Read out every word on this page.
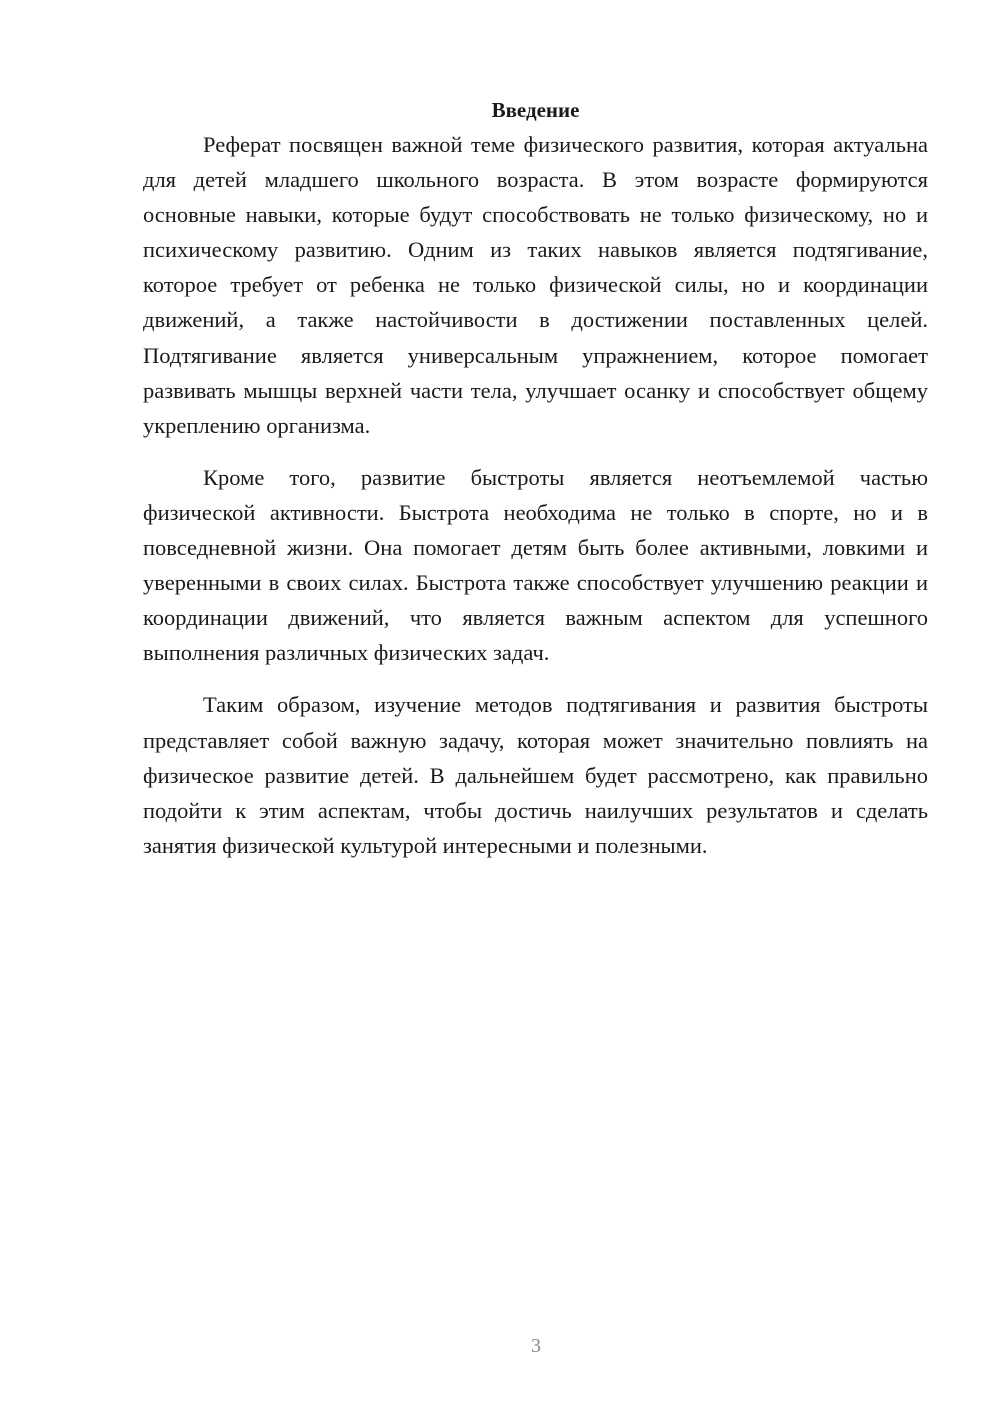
Введение

Реферат посвящен важной теме физического развития, которая актуальна для детей младшего школьного возраста. В этом возрасте формируются основные навыки, которые будут способствовать не только физическому, но и психическому развитию. Одним из таких навыков является подтягивание, которое требует от ребенка не только физической силы, но и координации движений, а также настойчивости в достижении поставленных целей. Подтягивание является универсальным упражнением, которое помогает развивать мышцы верхней части тела, улучшает осанку и способствует общему укреплению организма.

Кроме того, развитие быстроты является неотъемлемой частью физической активности. Быстрота необходима не только в спорте, но и в повседневной жизни. Она помогает детям быть более активными, ловкими и уверенными в своих силах. Быстрота также способствует улучшению реакции и координации движений, что является важным аспектом для успешного выполнения различных физических задач.

Таким образом, изучение методов подтягивания и развития быстроты представляет собой важную задачу, которая может значительно повлиять на физическое развитие детей. В дальнейшем будет рассмотрено, как правильно подойти к этим аспектам, чтобы достичь наилучших результатов и сделать занятия физической культурой интересными и полезными.

3
